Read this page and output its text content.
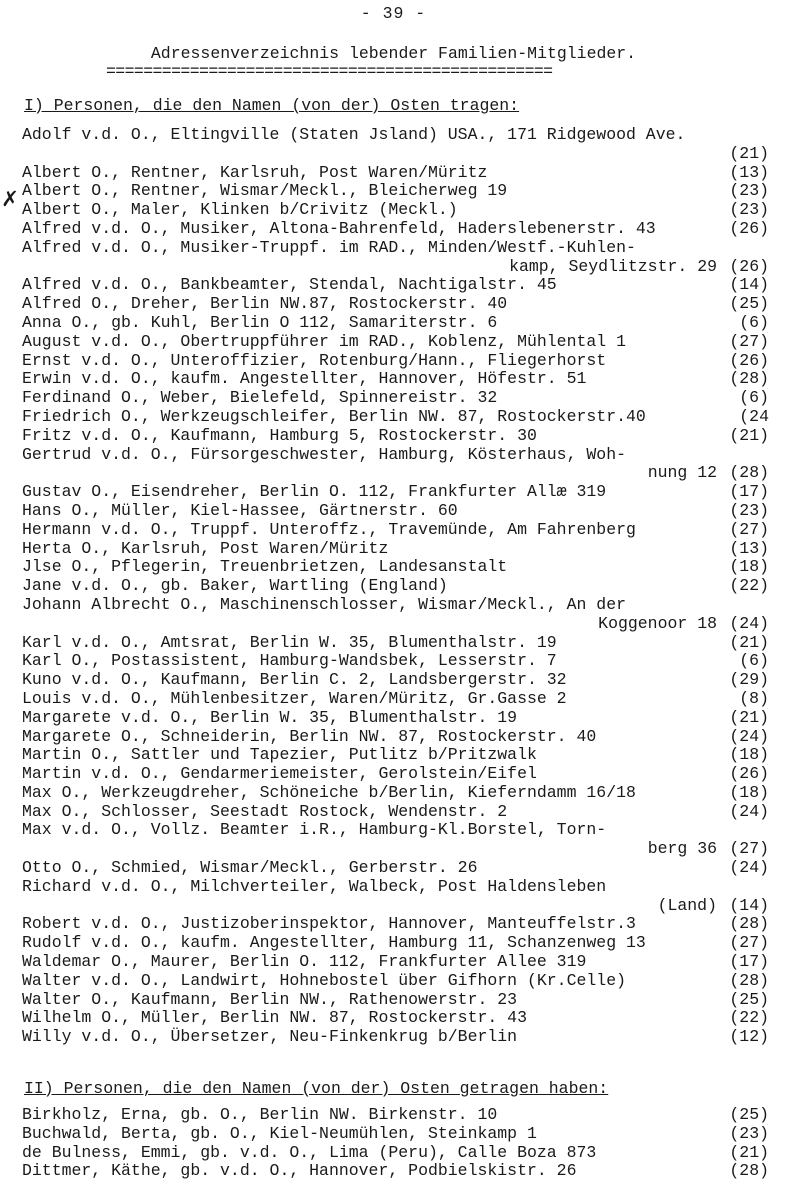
- 39 -
Adressenverzeichnis lebender Familien-Mitglieder.
================================================
I) Personen, die den Namen (von der) Osten tragen:
Adolf v.d. O., Eltingville (Staten Jsland) USA., 171 Ridgewood Ave.
(21)
Albert O., Rentner, Karlsruh, Post Waren/Müritz	(13)
Albert O., Rentner, Wismar/Meckl., Bleicherweg 19	(23)
Albert O., Maler, Klinken b/Crivitz (Meckl.)	(23)
Alfred v.d. O., Musiker, Altona-Bahrenfeld, Haderslebenerstr. 43	(26)
Alfred v.d. O., Musiker-Truppf. im RAD., Minden/Westf.-Kuhlen-
kamp, Seydlitzstr. 29 (26)
Alfred v.d. O., Bankbeamter, Stendal, Nachtigalstr. 45	(14)
Alfred O., Dreher, Berlin NW.87, Rostockerstr. 40	(25)
Anna O., gb. Kuhl, Berlin O 112, Samariterstr. 6	(6)
August v.d. O., Obertruppführer im RAD., Koblenz, Mühlental 1	(27)
Ernst v.d. O., Unteroffizier, Rotenburg/Hann., Fliegerhorst	(26)
Erwin v.d. O., kaufm. Angestellter, Hannover, Höfestr. 51	(28)
Ferdinand O., Weber, Bielefeld, Spinnereistr. 32	(6)
Friedrich O., Werkzeugschleifer, Berlin NW. 87, Rostockerstr.40	(24
Fritz v.d. O., Kaufmann, Hamburg 5, Rostockerstr. 30	(21)
Gertrud v.d. O., Fürsorgeschwester, Hamburg, Kösterhaus, Woh-
nung 12 (28)
Gustav O., Eisendreher, Berlin O. 112, Frankfurter Allæ 319	(17)
Hans O., Müller, Kiel-Hassee, Gärtnerstr. 60	(23)
Hermann v.d. O., Truppf. Unteroffz., Travemünde, Am Fahrenberg	(27)
Herta O., Karlsruh, Post Waren/Müritz	(13)
Jlse O., Pflegerin, Treuenbrietzen, Landesanstalt	(18)
Jane v.d. O., gb. Baker, Wartling (England)	(22)
Johann Albrecht O., Maschinenschlosser, Wismar/Meckl., An der
Koggenoor 18 (24)
Karl v.d. O., Amtsrat, Berlin W. 35, Blumenthalstr. 19	(21)
Karl O., Postassistent, Hamburg-Wandsbek, Lesserstr. 7	(6)
Kuno v.d. O., Kaufmann, Berlin C. 2, Landsbergerstr. 32	(29)
Louis v.d. O., Mühlenbesitzer, Waren/Müritz, Gr.Gasse 2	(8)
Margarete v.d. O., Berlin W. 35, Blumenthalstr. 19	(21)
Margarete O., Schneiderin, Berlin NW. 87, Rostockerstr. 40	(24)
Martin O., Sattler und Tapezier, Putlitz b/Pritzwalk	(18)
Martin v.d. O., Gendarmeriemeister, Gerolstein/Eifel	(26)
Max O., Werkzeugdreher, Schöneiche b/Berlin, Kieferndamm 16/18	(18)
Max O., Schlosser, Seestadt Rostock, Wendenstr. 2	(24)
Max v.d. O., Vollz. Beamter i.R., Hamburg-Kl.Borstel, Torn-
berg 36 (27)
Otto O., Schmied, Wismar/Meckl., Gerberstr. 26	(24)
Richard v.d. O., Milchverteiler, Walbeck, Post Haldensleben
(Land) (14)
Robert v.d. O., Justizoberinspektor, Hannover, Manteuffelstr.3	(28)
Rudolf v.d. O., kaufm. Angestellter, Hamburg 11, Schanzenweg 13	(27)
Waldemar O., Maurer, Berlin O. 112, Frankfurter Allee 319	(17)
Walter v.d. O., Landwirt, Hohnebostel über Gifhorn (Kr.Celle)	(28)
Walter O., Kaufmann, Berlin NW., Rathenowerstr. 23	(25)
Wilhelm O., Müller, Berlin NW. 87, Rostockerstr. 43	(22)
Willy v.d. O., Übersetzer, Neu-Finkenkrug b/Berlin	(12)
II) Personen, die den Namen (von der) Osten getragen haben:
Birkholz, Erna, gb. O., Berlin NW. Birkenstr. 10	(25)
Buchwald, Berta, gb. O., Kiel-Neumühlen, Steinkamp 1	(23)
de Bulness, Emmi, gb. v.d. O., Lima (Peru), Calle Boza 873	(21)
Dittmer, Käthe, gb. v.d. O., Hannover, Podbielskistr. 26	(28)
✗
